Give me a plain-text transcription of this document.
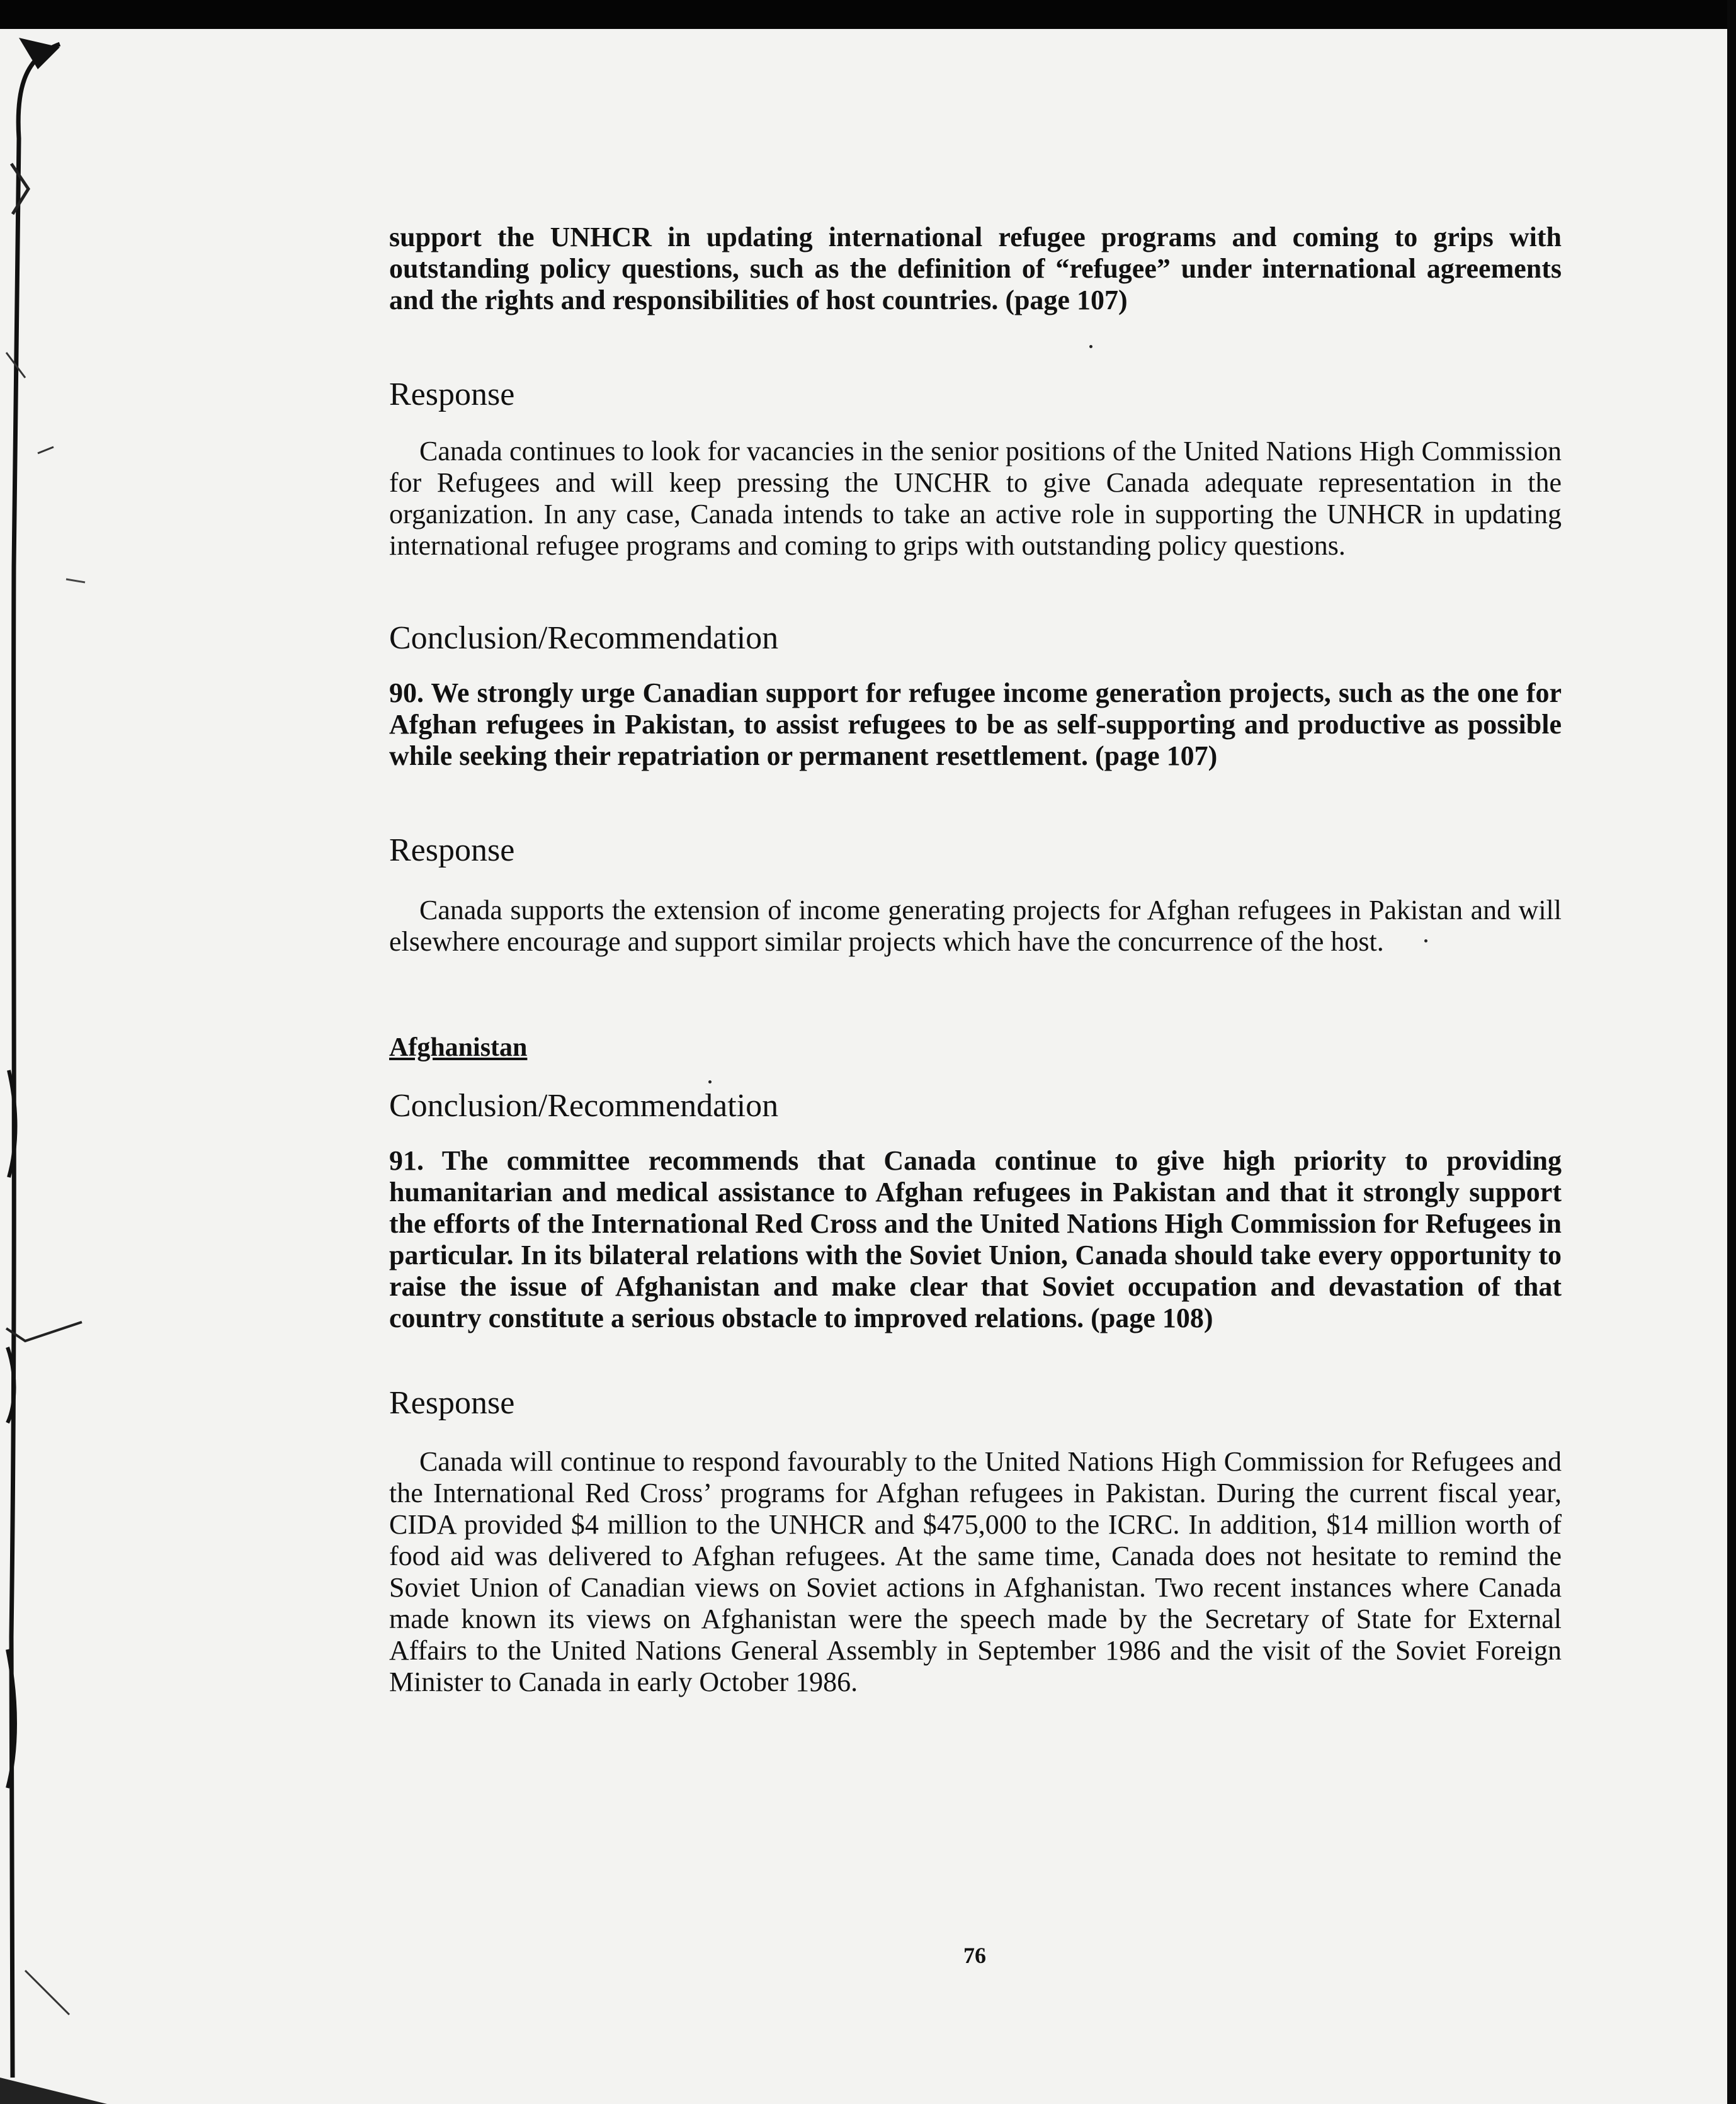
support the UNHCR in updating international refugee programs and coming to grips with outstanding policy questions, such as the definition of “refugee” under international agreements and the rights and responsibilities of host countries. (page 107)

Response

Canada continues to look for vacancies in the senior positions of the United Nations High Commission for Refugees and will keep pressing the UNCHR to give Canada adequate representation in the organization. In any case, Canada intends to take an active role in supporting the UNHCR in updating international refugee programs and coming to grips with outstanding policy questions.

Conclusion/Recommendation

90. We strongly urge Canadian support for refugee income generation projects, such as the one for Afghan refugees in Pakistan, to assist refugees to be as self-supporting and productive as possible while seeking their repatriation or permanent resettlement. (page 107)

Response

Canada supports the extension of income generating projects for Afghan refugees in Pakistan and will elsewhere encourage and support similar projects which have the concurrence of the host.

Afghanistan

Conclusion/Recommendation

91. The committee recommends that Canada continue to give high priority to providing humanitarian and medical assistance to Afghan refugees in Pakistan and that it strongly support the efforts of the International Red Cross and the United Nations High Commission for Refugees in particular. In its bilateral relations with the Soviet Union, Canada should take every opportunity to raise the issue of Afghanistan and make clear that Soviet occupation and devastation of that country constitute a serious obstacle to improved relations. (page 108)

Response

Canada will continue to respond favourably to the United Nations High Commission for Refugees and the International Red Cross’ programs for Afghan refugees in Pakistan. During the current fiscal year, CIDA provided $4 million to the UNHCR and $475,000 to the ICRC. In addition, $14 million worth of food aid was delivered to Afghan refugees. At the same time, Canada does not hesitate to remind the Soviet Union of Canadian views on Soviet actions in Afghanistan. Two recent instances where Canada made known its views on Afghanistan were the speech made by the Secretary of State for External Affairs to the United Nations General Assembly in September 1986 and the visit of the Soviet Foreign Minister to Canada in early October 1986.

76
